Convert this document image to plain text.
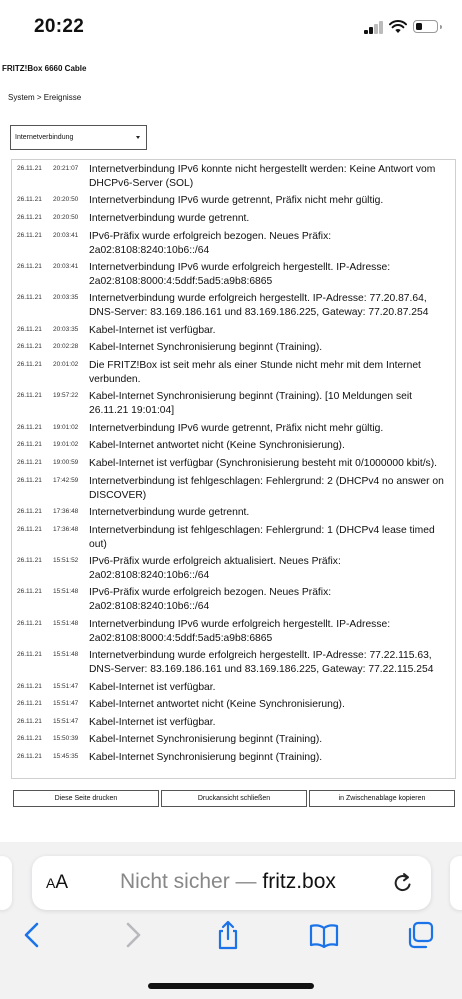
20:22
FRITZ!Box 6660 Cable
System > Ereignisse
Internetverbindung
26.11.21 20:21:07 Internetverbindung IPv6 konnte nicht hergestellt werden: Keine Antwort vom
DHCPv6-Server (SOL)
26.11.21 20:20:50 Internetverbindung IPv6 wurde getrennt, Präfix nicht mehr gültig.
26.11.21 20:20:50 Internetverbindung wurde getrennt.
26.11.21 20:03:41 IPv6-Präfix wurde erfolgreich bezogen. Neues Präfix:
2a02:8108:8240:10b6::/64
26.11.21 20:03:41 Internetverbindung IPv6 wurde erfolgreich hergestellt. IP-Adresse:
2a02:8108:8000:4:5ddf:5ad5:a9b8:6865
26.11.21 20:03:35 Internetverbindung wurde erfolgreich hergestellt. IP-Adresse: 77.20.87.64,
DNS-Server: 83.169.186.161 und 83.169.186.225, Gateway: 77.20.87.254
26.11.21 20:03:35 Kabel-Internet ist verfügbar.
26.11.21 20:02:28 Kabel-Internet Synchronisierung beginnt (Training).
26.11.21 20:01:02 Die FRITZ!Box ist seit mehr als einer Stunde nicht mehr mit dem Internet
verbunden.
26.11.21 19:57:22 Kabel-Internet Synchronisierung beginnt (Training). [10 Meldungen seit
26.11.21 19:01:04]
26.11.21 19:01:02 Internetverbindung IPv6 wurde getrennt, Präfix nicht mehr gültig.
26.11.21 19:01:02 Kabel-Internet antwortet nicht (Keine Synchronisierung).
26.11.21 19:00:59 Kabel-Internet ist verfügbar (Synchronisierung besteht mit 0/1000000 kbit/s).
26.11.21 17:42:59 Internetverbindung ist fehlgeschlagen: Fehlergrund: 2 (DHCPv4 no answer on
DISCOVER)
26.11.21 17:36:48 Internetverbindung wurde getrennt.
26.11.21 17:36:48 Internetverbindung ist fehlgeschlagen: Fehlergrund: 1 (DHCPv4 lease timed
out)
26.11.21 15:51:52 IPv6-Präfix wurde erfolgreich aktualisiert. Neues Präfix:
2a02:8108:8240:10b6::/64
26.11.21 15:51:48 IPv6-Präfix wurde erfolgreich bezogen. Neues Präfix:
2a02:8108:8240:10b6::/64
26.11.21 15:51:48 Internetverbindung IPv6 wurde erfolgreich hergestellt. IP-Adresse:
2a02:8108:8000:4:5ddf:5ad5:a9b8:6865
26.11.21 15:51:48 Internetverbindung wurde erfolgreich hergestellt. IP-Adresse: 77.22.115.63,
DNS-Server: 83.169.186.161 und 83.169.186.225, Gateway: 77.22.115.254
26.11.21 15:51:47 Kabel-Internet ist verfügbar.
26.11.21 15:51:47 Kabel-Internet antwortet nicht (Keine Synchronisierung).
26.11.21 15:51:47 Kabel-Internet ist verfügbar.
26.11.21 15:50:39 Kabel-Internet Synchronisierung beginnt (Training).
26.11.21 15:45:35 Kabel-Internet Synchronisierung beginnt (Training).
Diese Seite drucken	Druckansicht schließen	in Zwischenablage kopieren
AA Nicht sicher — fritz.box
